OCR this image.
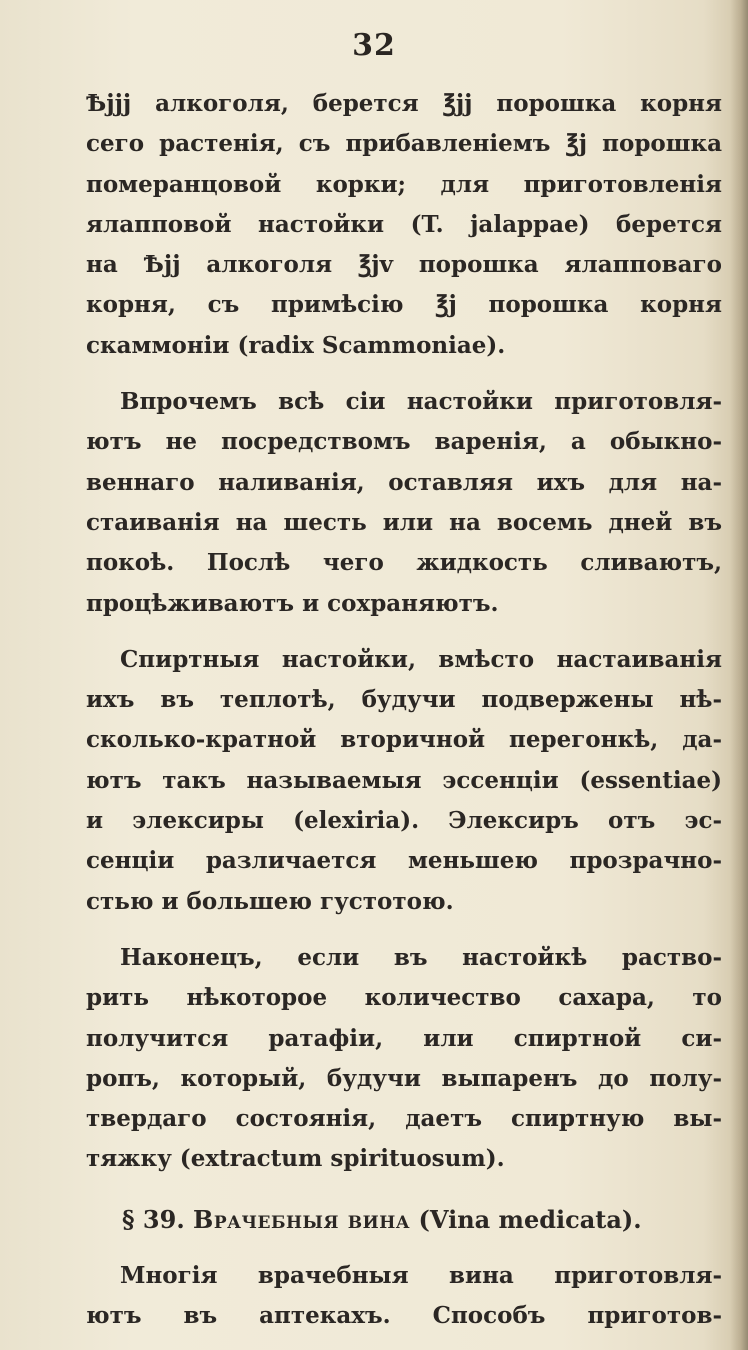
32
Ѣjjj алкоголя, берется ℥jj порошка корня
сего растенія, съ прибавленіемъ ℥j порошка
померанцовой корки; для приготовленія
ялапповой настойки (T. jalappae) берется
на Ѣjj алкоголя ℥jv порошка ялапповаго
корня, съ примѣсію ℥j порошка корня
скаммоніи (radix Scammoniae).
Впрочемъ всѣ сіи настойки приготовля-
ютъ не посредствомъ варенія, а обыкно-
веннаго наливанія, оставляя ихъ для на-
стаиванія на шесть или на восемь дней въ
покоѣ. Послѣ чего жидкость сливаютъ,
процѣживаютъ и сохраняютъ.
Спиртныя настойки, вмѣсто настаиванія
ихъ въ теплотѣ, будучи подвержены нѣ-
сколько-кратной вторичной перегонкѣ, да-
ютъ такъ называемыя эссенціи (essentiae)
и элексиры (elexiria). Элексиръ отъ эс-
сенціи различается меньшею прозрачно-
стью и большею густотою.
Наконецъ, если въ настойкѣ раство-
рить нѣкоторое количество сахара, то
получится ратафіи, или спиртной си-
ропъ, который, будучи выпаренъ до полу-
твердаго состоянія, даетъ спиртную вы-
тяжку (extractum spirituosum).
§ 39. Врачебныя вина (Vina medicata).
Многія врачебныя вина приготовля-
ютъ въ аптекахъ. Способъ приготов-
